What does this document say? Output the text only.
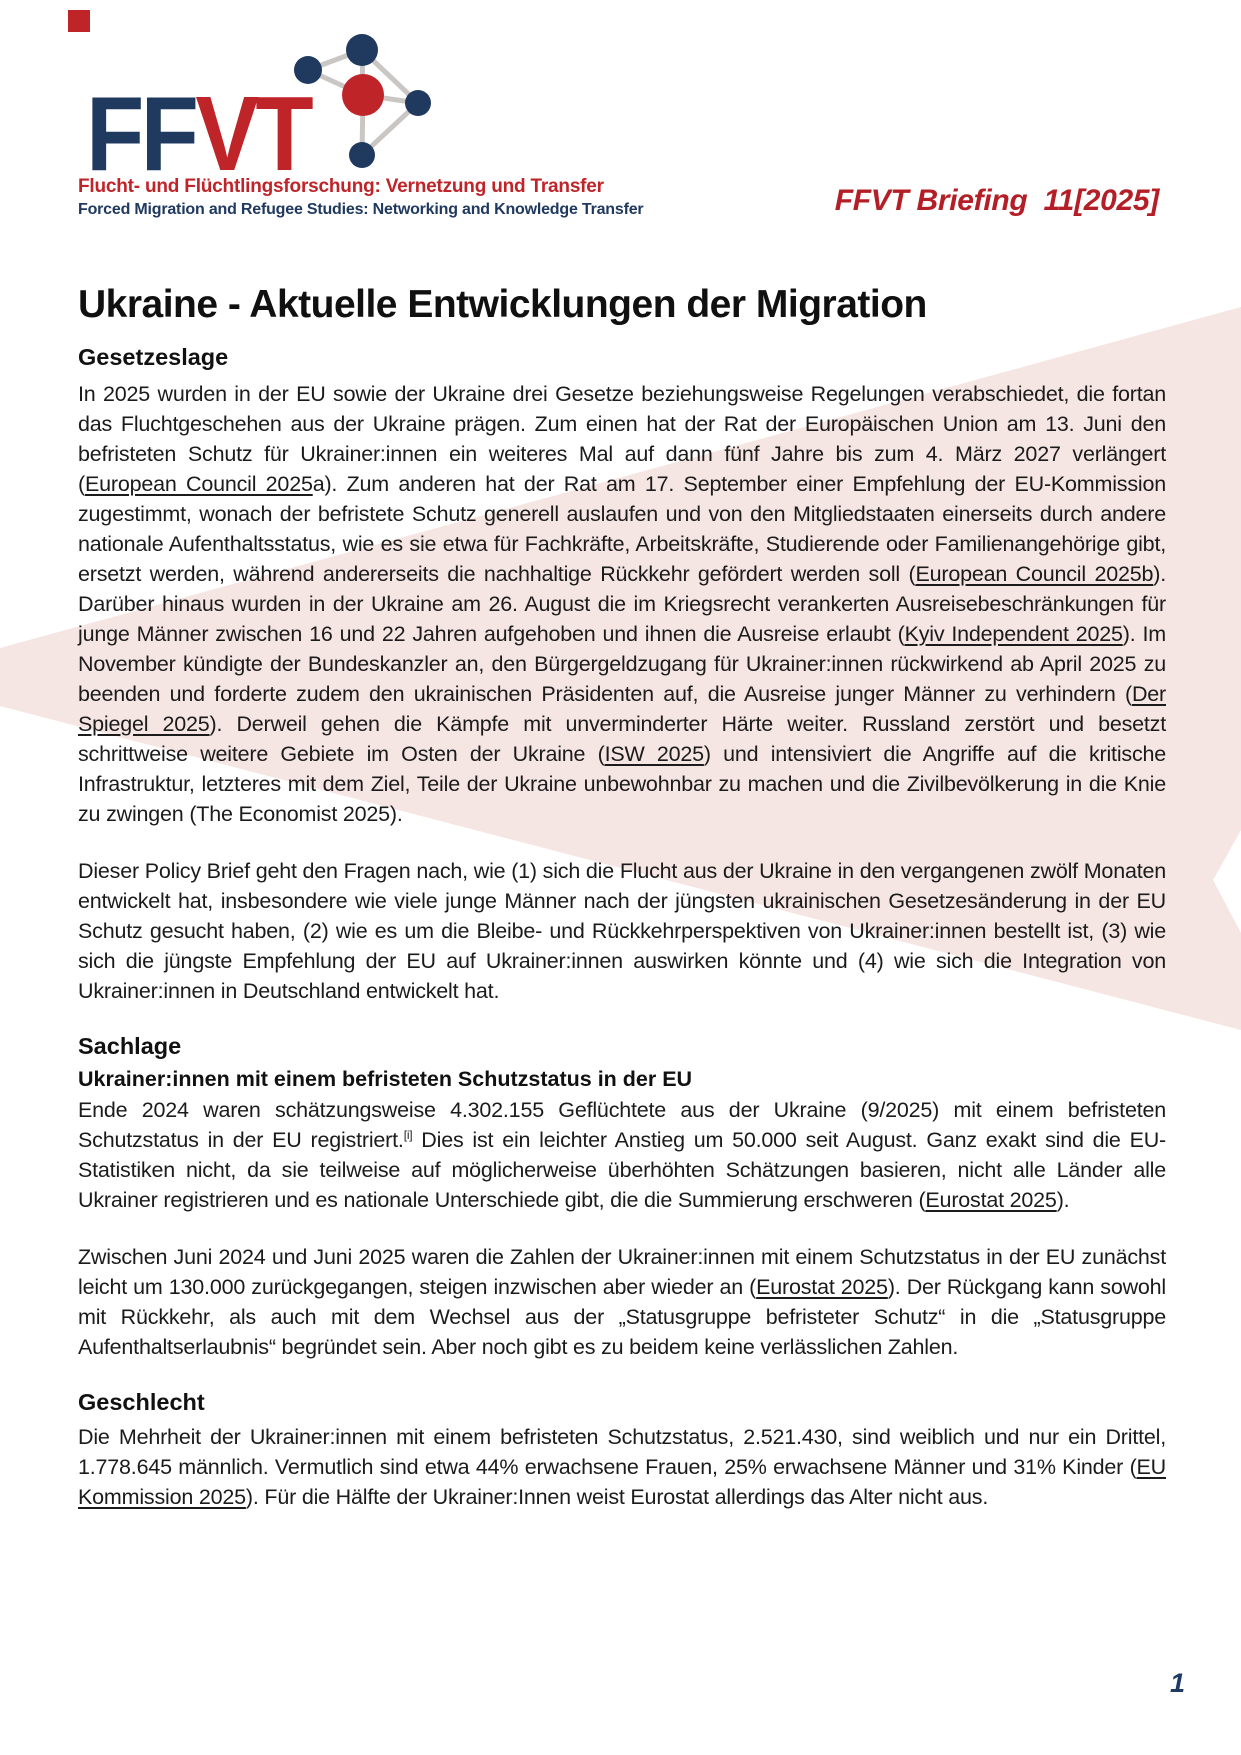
FFVT
Flucht- und Flüchtlingsforschung: Vernetzung und Transfer
Forced Migration and Refugee Studies: Networking and Knowledge Transfer	FFVT Briefing  11[2025]
Ukraine - Aktuelle Entwicklungen der Migration
Gesetzeslage

In 2025 wurden in der EU sowie der Ukraine drei Gesetze beziehungsweise Regelungen verabschiedet, die fortan das Fluchtgeschehen aus der Ukraine prägen. Zum einen hat der Rat der Europäischen Union am 13. Juni den befristeten Schutz für Ukrainer:innen ein weiteres Mal auf dann fünf Jahre bis zum 4. März 2027 verlängert (European Council 2025a). Zum anderen hat der Rat am 17. September einer Empfehlung der EU-Kommission zugestimmt, wonach der befristete Schutz generell auslaufen und von den Mitgliedstaaten einerseits durch andere nationale Aufenthaltsstatus, wie es sie etwa für Fachkräfte, Arbeitskräfte, Studierende oder Familienangehörige gibt, ersetzt werden, während andererseits die nachhaltige Rückkehr gefördert werden soll (European Council 2025b). Darüber hinaus wurden in der Ukraine am 26. August die im Kriegsrecht verankerten Ausreisebeschränkungen für junge Männer zwischen 16 und 22 Jahren aufgehoben und ihnen die Ausreise erlaubt (Kyiv Independent 2025). Im November kündigte der Bundeskanzler an, den Bürgergeldzugang für Ukrainer:innen rückwirkend ab April 2025 zu beenden und forderte zudem den ukrainischen Präsidenten auf, die Ausreise junger Männer zu verhindern (Der Spiegel 2025). Derweil gehen die Kämpfe mit unverminderter Härte weiter. Russland zerstört und besetzt schrittweise weitere Gebiete im Osten der Ukraine (ISW 2025) und intensiviert die Angriffe auf die kritische Infrastruktur, letzteres mit dem Ziel, Teile der Ukraine unbewohnbar zu machen und die Zivilbevölkerung in die Knie zu zwingen (The Economist 2025).

Dieser Policy Brief geht den Fragen nach, wie (1) sich die Flucht aus der Ukraine in den vergangenen zwölf Monaten entwickelt hat, insbesondere wie viele junge Männer nach der jüngsten ukrainischen Gesetzesänderung in der EU Schutz gesucht haben, (2) wie es um die Bleibe- und Rückkehrperspektiven von Ukrainer:innen bestellt ist, (3) wie sich die jüngste Empfehlung der EU auf Ukrainer:innen auswirken könnte und (4) wie sich die Integration von Ukrainer:innen in Deutschland entwickelt hat.

Sachlage
Ukrainer:innen mit einem befristeten Schutzstatus in der EU

Ende 2024 waren schätzungsweise 4.302.155 Geflüchtete aus der Ukraine (9/2025) mit einem befristeten Schutzstatus in der EU registriert.[i] Dies ist ein leichter Anstieg um 50.000 seit August. Ganz exakt sind die EU-Statistiken nicht, da sie teilweise auf möglicherweise überhöhten Schätzungen basieren, nicht alle Länder alle Ukrainer registrieren und es nationale Unterschiede gibt, die die Summierung erschweren (Eurostat 2025).

Zwischen Juni 2024 und Juni 2025 waren die Zahlen der Ukrainer:innen mit einem Schutzstatus in der EU zunächst leicht um 130.000 zurückgegangen, steigen inzwischen aber wieder an (Eurostat 2025). Der Rückgang kann sowohl mit Rückkehr, als auch mit dem Wechsel aus der „Statusgruppe befristeter Schutz“ in die „Statusgruppe Aufenthaltserlaubnis“ begründet sein. Aber noch gibt es zu beidem keine verlässlichen Zahlen.

Geschlecht

Die Mehrheit der Ukrainer:innen mit einem befristeten Schutzstatus, 2.521.430, sind weiblich und nur ein Drittel, 1.778.645 männlich. Vermutlich sind etwa 44% erwachsene Frauen, 25% erwachsene Männer und 31% Kinder (EU Kommission 2025). Für die Hälfte der Ukrainer:Innen weist Eurostat allerdings das Alter nicht aus.

1
